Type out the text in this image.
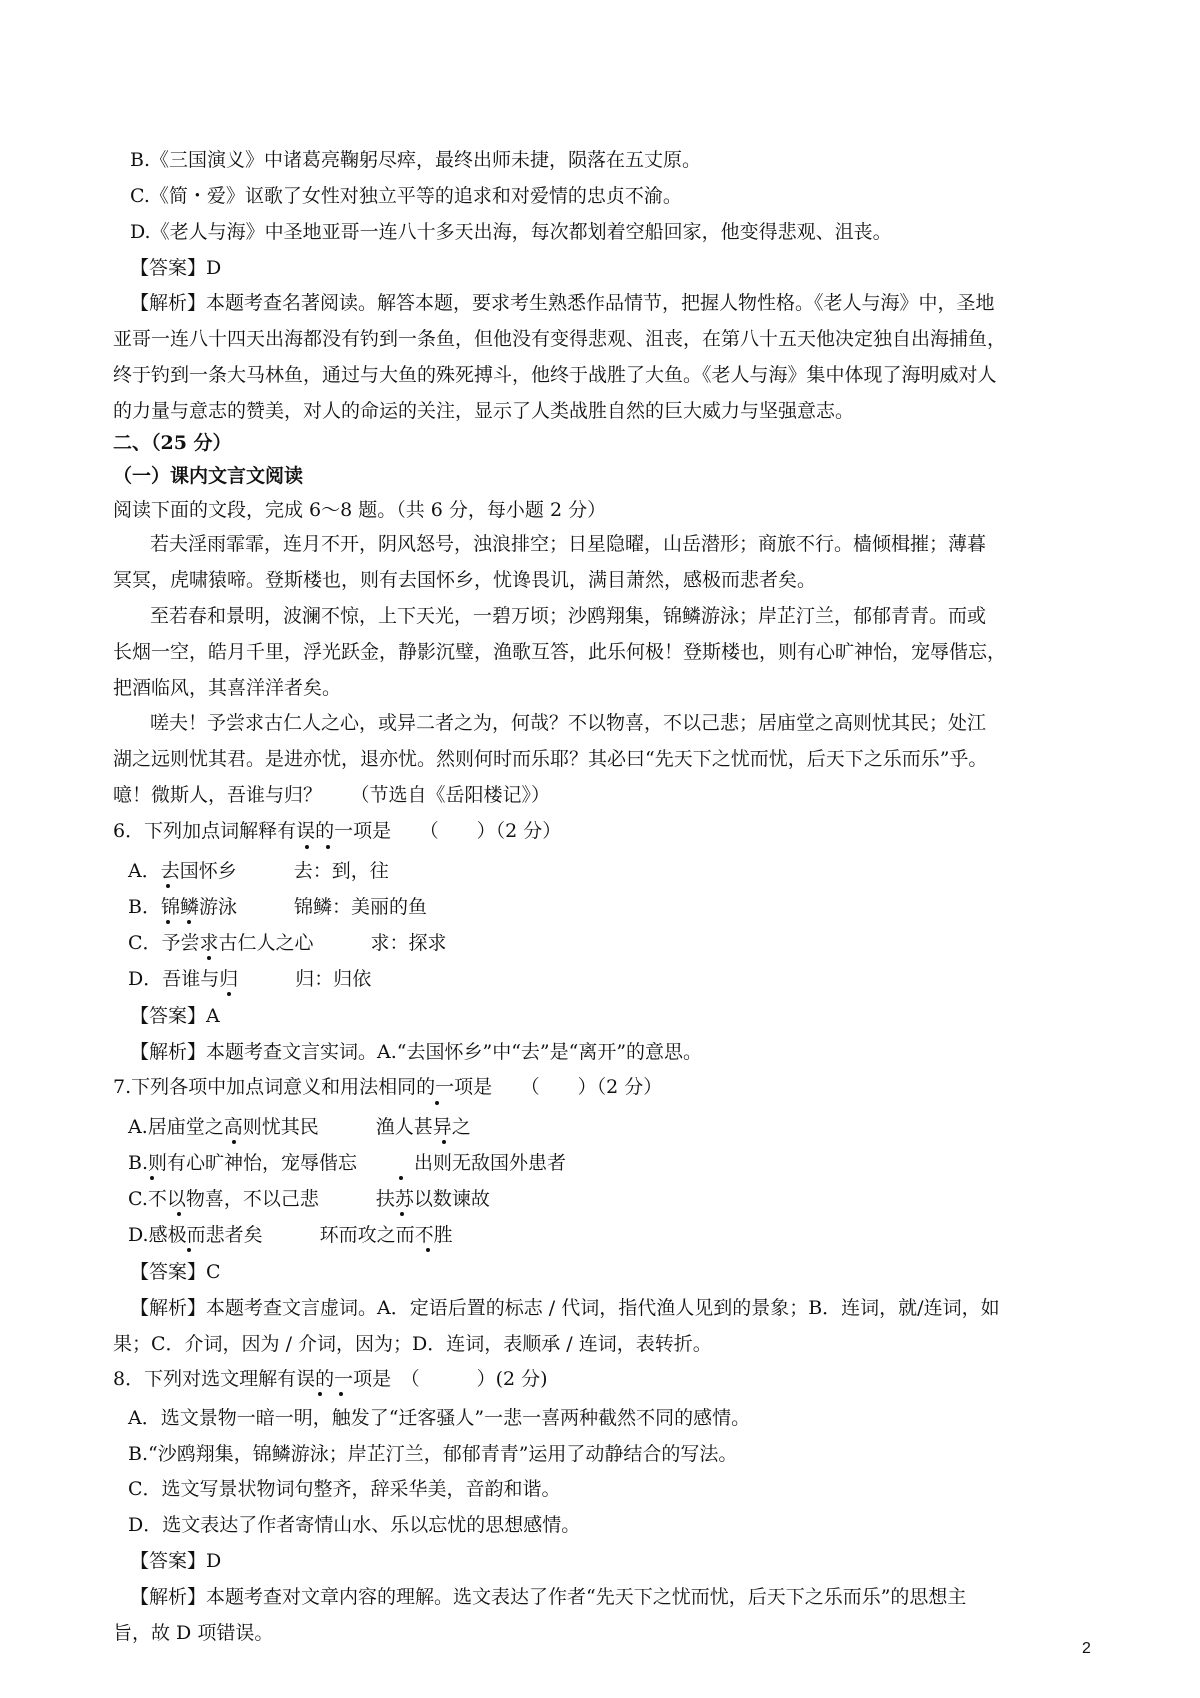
B.《三国演义》中诸葛亮鞠躬尽瘁，最终出师未捷，陨落在五丈原。
C.《简・爱》讴歌了女性对独立平等的追求和对爱情的忠贞不渝。
D.《老人与海》中圣地亚哥一连八十多天出海，每次都划着空船回家，他变得悲观、沮丧。
【答案】D
【解析】本题考查名著阅读。解答本题，要求考生熟悉作品情节，把握人物性格。《老人与海》中，圣地
亚哥一连八十四天出海都没有钓到一条鱼，但他没有变得悲观、沮丧，在第八十五天他决定独自出海捕鱼，
终于钓到一条大马林鱼，通过与大鱼的殊死搏斗，他终于战胜了大鱼。《老人与海》集中体现了海明威对人
的力量与意志的赞美，对人的命运的关注，显示了人类战胜自然的巨大威力与坚强意志。
二、（25 分）
（一）课内文言文阅读
阅读下面的文段，完成 6～8 题。（共 6 分，每小题 2 分）
若夫淫雨霏霏，连月不开，阴风怒号，浊浪排空；日星隐曜，山岳潜形；商旅不行。樯倾楫摧；薄暮
冥冥，虎啸猿啼。登斯楼也，则有去国怀乡，忧谗畏讥，满目萧然，感极而悲者矣。
至若春和景明，波澜不惊，上下天光，一碧万顷；沙鸥翔集，锦鳞游泳；岸芷汀兰，郁郁青青。而或
长烟一空，皓月千里，浮光跃金，静影沉璧，渔歌互答，此乐何极！登斯楼也，则有心旷神怡，宠辱偕忘，
把酒临风，其喜洋洋者矣。
嗟夫！予尝求古仁人之心，或异二者之为，何哉？不以物喜，不以己悲；居庙堂之高则忧其民；处江
湖之远则忧其君。是进亦忧，退亦忧。然则何时而乐耶？其必曰“先天下之忧而忧，后天下之乐而乐”乎。
噫！微斯人，吾谁与归？　　（节选自《岳阳楼记》）
6．下列加点词解释有误的一项是　　（　　）（2 分）
A．去国怀乡　　　去：到，往
B．锦鳞游泳　　　锦鳞：美丽的鱼
C．予尝求古仁人之心　　　求：探求
D．吾谁与归　　　归：归依
【答案】A
【解析】本题考查文言实词。A.“去国怀乡”中“去”是“离开”的意思。
7.下列各项中加点词意义和用法相同的一项是　　（　　）（2 分）
A.居庙堂之高则忧其民　　　渔人甚异之
B.则有心旷神怡，宠辱偕忘　　　出则无敌国外患者
C.不以物喜，不以己悲　　　扶苏以数谏故
D.感极而悲者矣　　　环而攻之而不胜
【答案】C
【解析】本题考查文言虚词。A．定语后置的标志 / 代词，指代渔人见到的景象；B．连词，就/连词，如
果；C．介词，因为 / 介词，因为；D．连词，表顺承 / 连词，表转折。
8．下列对选文理解有误的一项是　（　　　）(2 分)
A．选文景物一暗一明，触发了“迁客骚人”一悲一喜两种截然不同的感情。
B.“沙鸥翔集，锦鳞游泳；岸芷汀兰，郁郁青青”运用了动静结合的写法。
C．选文写景状物词句整齐，辞采华美，音韵和谐。
D．选文表达了作者寄情山水、乐以忘忧的思想感情。
【答案】D
【解析】本题考查对文章内容的理解。选文表达了作者“先天下之忧而忧，后天下之乐而乐”的思想主
旨，故 D 项错误。
2
